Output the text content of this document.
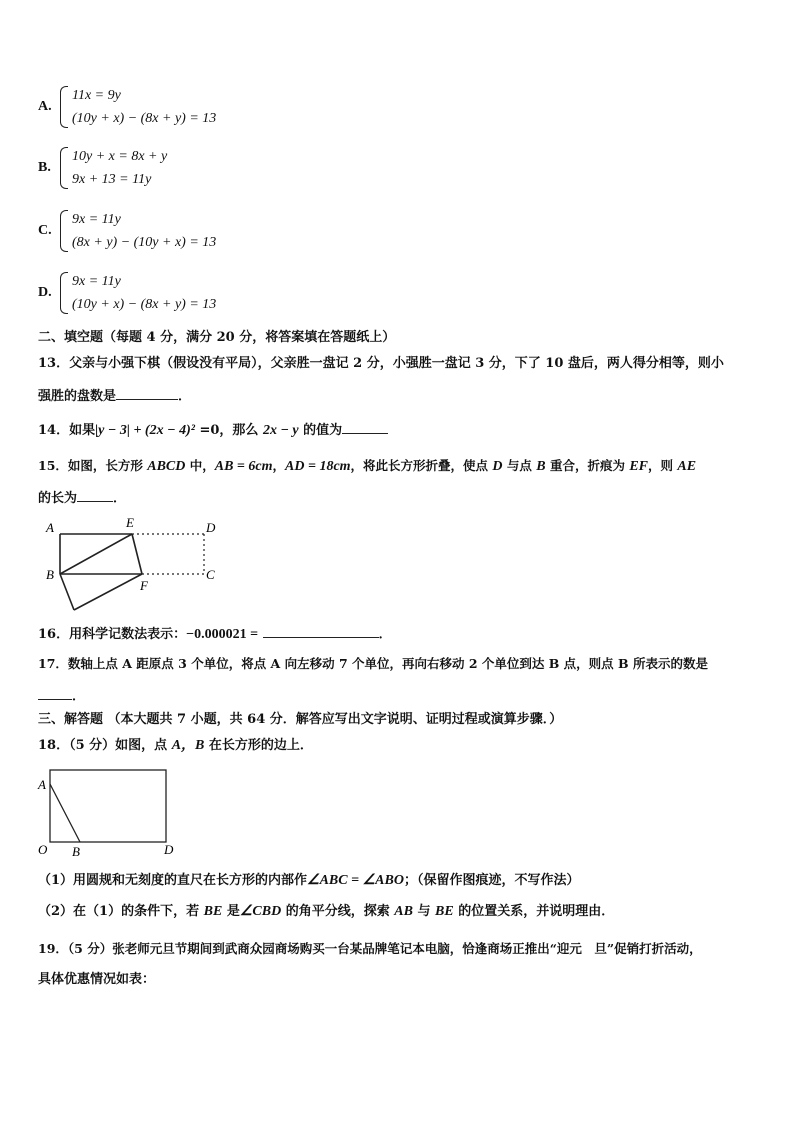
A.
11x = 9y
(10y + x) − (8x + y) = 13
B.
10y + x = 8x + y
9x + 13 = 11y
C.
9x = 11y
(8x + y) − (10y + x) = 13
D.
9x = 11y
(10y + x) − (8x + y) = 13
二、填空题（每题 4 分，满分 20 分，将答案填在答题纸上）
13．父亲与小强下棋（假设没有平局），父亲胜一盘记 2 分，小强胜一盘记 3 分，下了 10 盘后，两人得分相等，则小
强胜的盘数是	．
14．如果|y − 3| + (2x − 4)² =0，那么 2x − y 的值为
15．如图，长方形 ABCD 中，AB = 6cm，AD = 18cm，将此长方形折叠，使点 D 与点 B 重合，折痕为 EF，则 AE
的长为	．
A	E	D
B
F
C
16．用科学记数法表示：−0.000021 =	．
17．数轴上点 A 距原点 3 个单位，将点 A 向左移动 7 个单位，再向右移动 2 个单位到达 B 点，则点 B 所表示的数是
．
三、解答题 （本大题共 7 小题，共 64 分．解答应写出文字说明、证明过程或演算步骤．）
18．（5 分）如图，点 A，B 在长方形的边上．
A
O B	D
（1）用圆规和无刻度的直尺在长方形的内部作∠ABC = ∠ABO；（保留作图痕迹，不写作法）
（2）在（1）的条件下，若 BE 是∠CBD 的角平分线，探索 AB 与 BE 的位置关系，并说明理由．
19．（5 分）张老师元旦节期间到武商众园商场购买一台某品牌笔记本电脑，恰逢商场正推出“迎元　旦”促销打折活动，
具体优惠情况如表：
